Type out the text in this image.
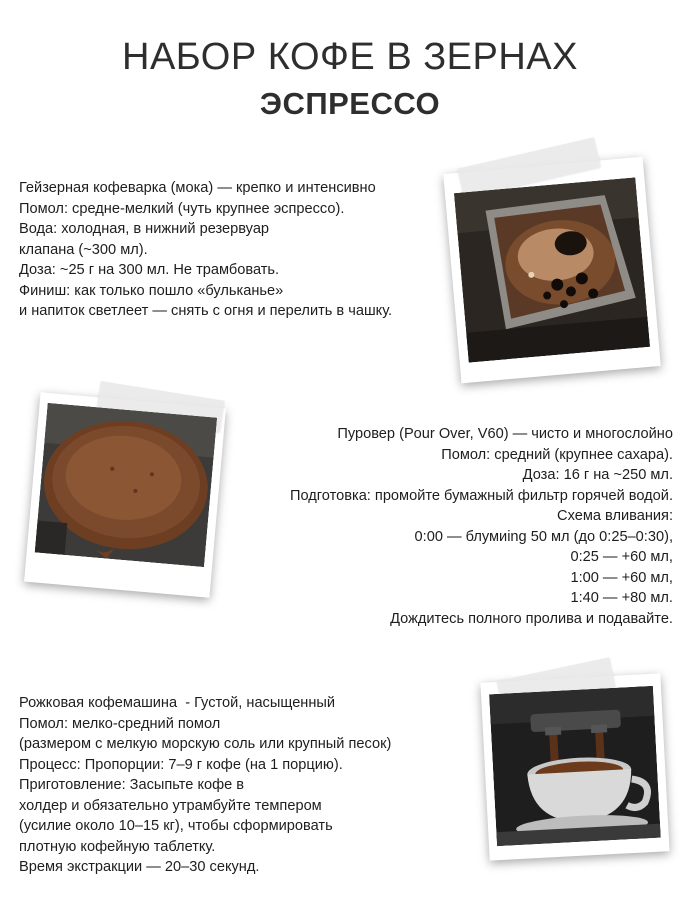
НАБОР КОФЕ В ЗЕРНАХ
ЭСПРЕССО
Гейзерная кофеварка (мока) — крепко и интенсивно
Помол: средне-мелкий (чуть крупнее эспрессо).
Вода: холодная, в нижний резервуар
клапана (~300 мл).
Доза: ~25 г на 300 мл. Не трамбовать.
Финиш: как только пошло «бульканье»
и напиток светлеет — снять с огня и перелить в чашку.
Пуровер (Pour Over, V60) — чисто и многослойно
Помол: средний (крупнее сахара).
Доза: 16 г на ~250 мл.
Подготовка: промойте бумажный фильтр горячей водой.
Схема вливания:
0:00 — блумиing 50 мл (до 0:25–0:30),
0:25 — +60 мл,
1:00 — +60 мл,
1:40 — +80 мл.
Дождитесь полного пролива и подавайте.
Рожковая кофемашина  - Густой, насыщенный
Помол: мелко-средний помол
(размером с мелкую морскую соль или крупный песок)
Процесс: Пропорции: 7–9 г кофе (на 1 порцию).
Приготовление: Засыпьте кофе в
холдер и обязательно утрамбуйте темпером
(усилие около 10–15 кг), чтобы сформировать
плотную кофейную таблетку.
Время экстракции — 20–30 секунд.
